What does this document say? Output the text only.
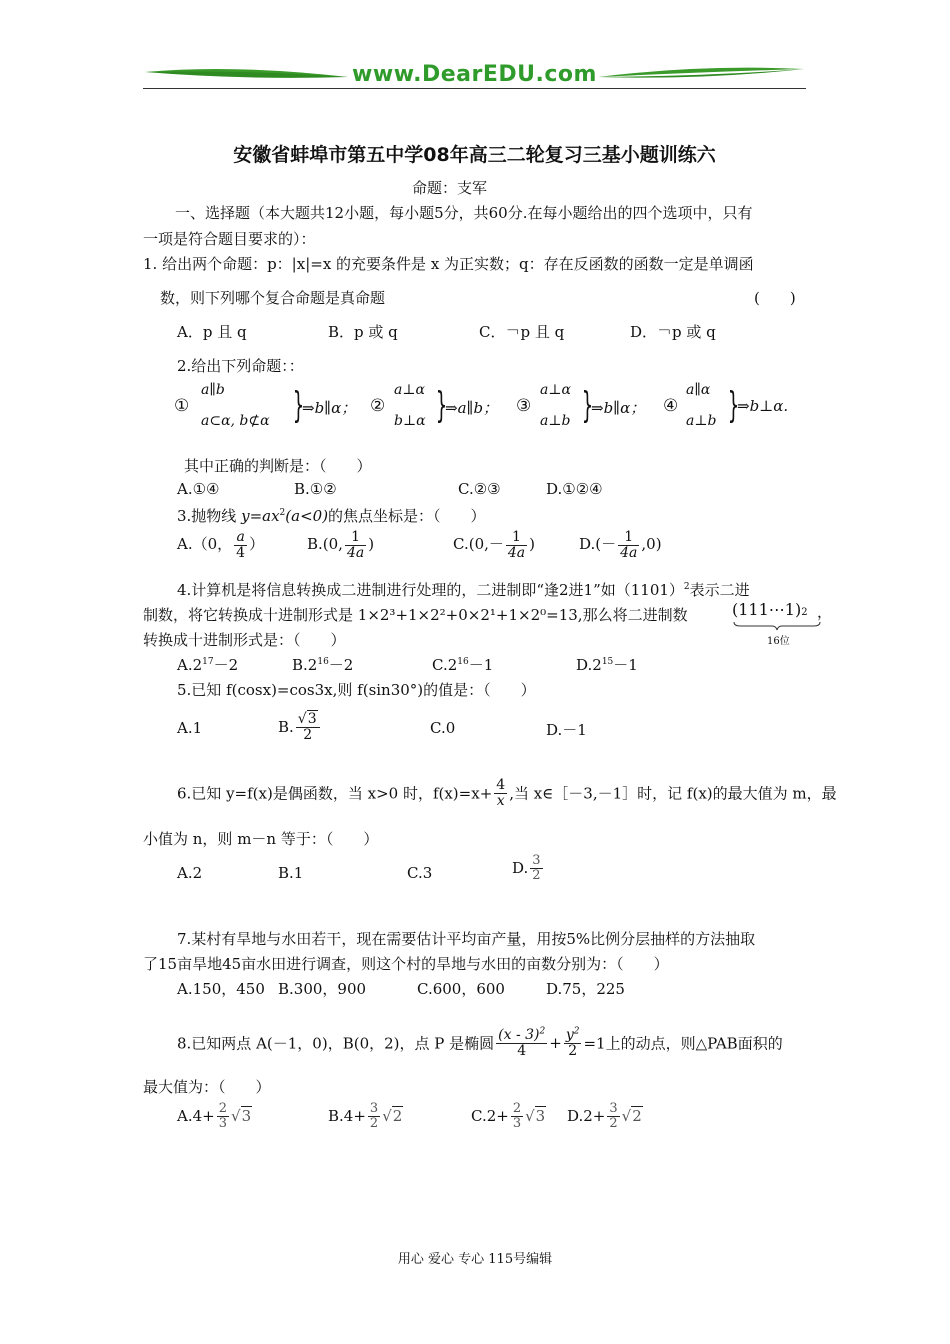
www.DearEDU.com
安徽省蚌埠市第五中学08年高三二轮复习三基小题训练六
命题：支军
一、选择题（本大题共12小题，每小题5分，共60分.在每小题给出的四个选项中，只有
一项是符合题目要求的）：
1. 给出两个命题：p：|x|=x 的充要条件是 x 为正实数；q：存在反函数的函数一定是单调函
数，则下列哪个复合命题是真命题	(　　)
A．p 且 q	B．p 或 q	C．￢p 且 q	D．￢p 或 q
2.给出下列命题：：
①
a∥b
a⊂α, b⊄α }
⇒b∥α； ②
a⊥α
b⊥α }
⇒a∥b； ③
a⊥α
a⊥b }
⇒b∥α； ④
a∥α
a⊥b }
⇒b⊥α.
其中正确的判断是：（　　）
A.①④	B.①②	C.②③	D.①②④
3.抛物线 $y=ax^2(a<0)$的焦点坐标是：（　　）
A.（0， $\frac{a}{4}$ ）	B.(0, $\frac{1}{4a}$ )	$C.(0,- \frac{1}{4a}$ )	$D.(- \frac{1}{4a} ,0)$
4.计算机是将信息转换成二进制进行处理的，二进制即“逢2进1”如$(1101)^2$表示二进
制数，将它转换成十进制形式是 1×2³+1×2²+0×2¹+1×2⁰=13,那么将二进制数	(111⋯1)2 ，
16位
转换成十进制形式是：（　　）
$A.2^{17}-2$	$B.2^{16}-2$	$C.2^{16}-1$	$D.2^{15}-1$
5.已知 f(cosx)=cos3x,则 f(sin30°)的值是：（　　）
A.1	B. $\frac{√3}{2}$	C.0	D.－1
6.已知 y=f(x)是偶函数，当 x>0 时，$f(x)=x+ \frac{4}{x}$ ,当 x∈［－3,－1］时，记 f(x)的最大值为 m，最
小值为 n，则 m－n 等于：（　　）
A.2	B.1	C.3	D. $\frac{3}{2}$
7.某村有旱地与水田若干，现在需要估计平均亩产量，用按5%比例分层抽样的方法抽取
了15亩旱地45亩水田进行调查，则这个村的旱地与水田的亩数分别为：（　　）
A.150，450 B.300，900	C.600，600	D.75，225
8.已知两点 A(－1，0)，B(0，2)，点 P 是椭圆 $\frac{(x - 3)^2}{4} + \frac{y^2}{2} =1$上的动点，则△PAB面积的
最大值为：（　　）
$A.4+ \frac{2}{3} √3$	$B.4+ \frac{3}{2} √2$	$C.2+ \frac{2}{3} √3$ $D.2+ \frac{3}{2} √2$
用心 爱心 专心 115号编辑
